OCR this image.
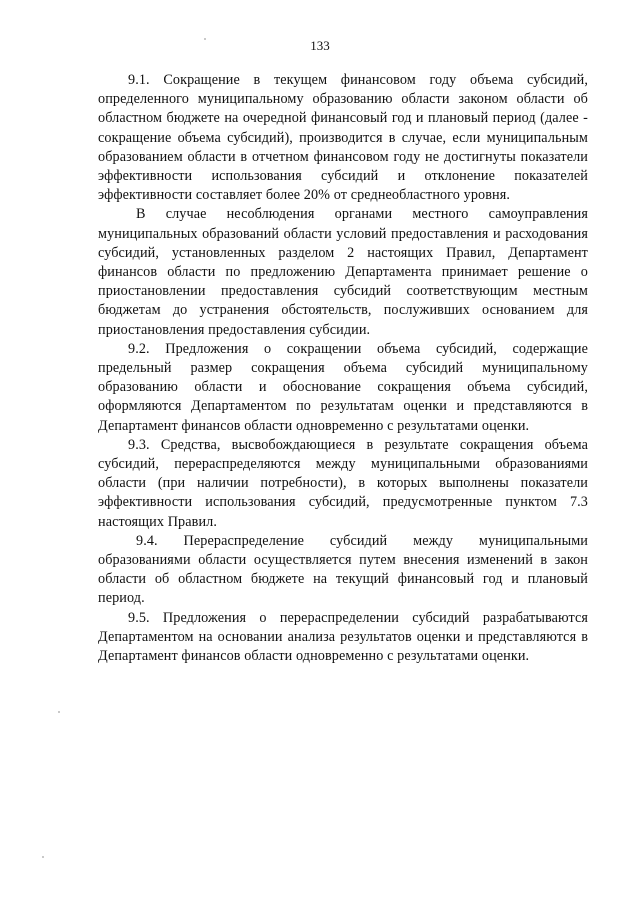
133

9.1. Сокращение в текущем финансовом году объема субсидий, определенного муниципальному образованию области законом области об областном бюджете на очередной финансовый год и плановый период (далее - сокращение объема субсидий), производится в случае, если муниципальным образованием области в отчетном финансовом году не достигнуты показатели эффективности использования субсидий и отклонение показателей эффективности составляет более 20% от среднеобластного уровня.

В случае несоблюдения органами местного самоуправления муниципальных образований области условий предоставления и расходования субсидий, установленных разделом 2 настоящих Правил, Департамент финансов области по предложению Департамента принимает решение о приостановлении предоставления субсидий соответствующим местным бюджетам до устранения обстоятельств, послуживших основанием для приостановления предоставления субсидии.

9.2. Предложения о сокращении объема субсидий, содержащие предельный размер сокращения объема субсидий муниципальному образованию области и обоснование сокращения объема субсидий, оформляются Департаментом по результатам оценки и представляются в Департамент финансов области одновременно с результатами оценки.

9.3. Средства, высвобождающиеся в результате сокращения объема субсидий, перераспределяются между муниципальными образованиями области (при наличии потребности), в которых выполнены показатели эффективности использования субсидий, предусмотренные пунктом 7.3 настоящих Правил.

9.4. Перераспределение субсидий между муниципальными образованиями области осуществляется путем внесения изменений в закон области об областном бюджете на текущий финансовый год и плановый период.

9.5. Предложения о перераспределении субсидий разрабатываются Департаментом на основании анализа результатов оценки и представляются в Департамент финансов области одновременно с результатами оценки.
